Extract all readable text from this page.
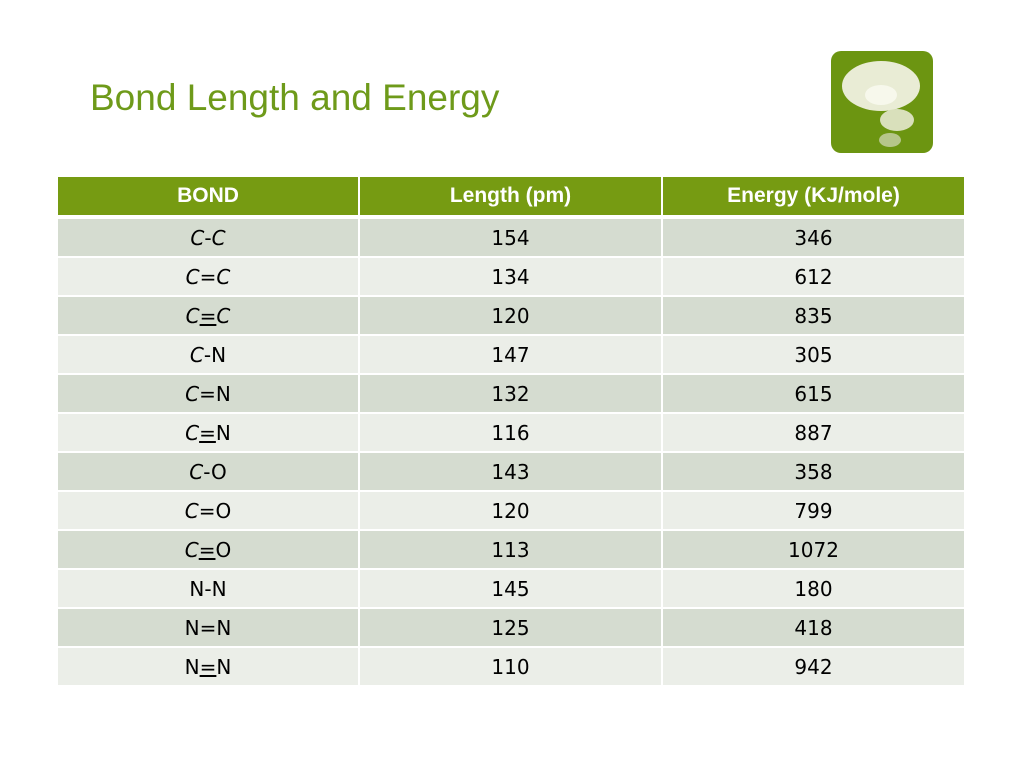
Bond Length and Energy
BOND	Length (pm)	Energy (KJ/mole)
C-C	154	346
C=C	134	612
C=C	120	835
C-N	147	305
C=N	132	615
C=N	116	887
C-O	143	358
C=O	120	799
C=O	113	1072
N-N	145	180
N=N	125	418
N=N	110	942
